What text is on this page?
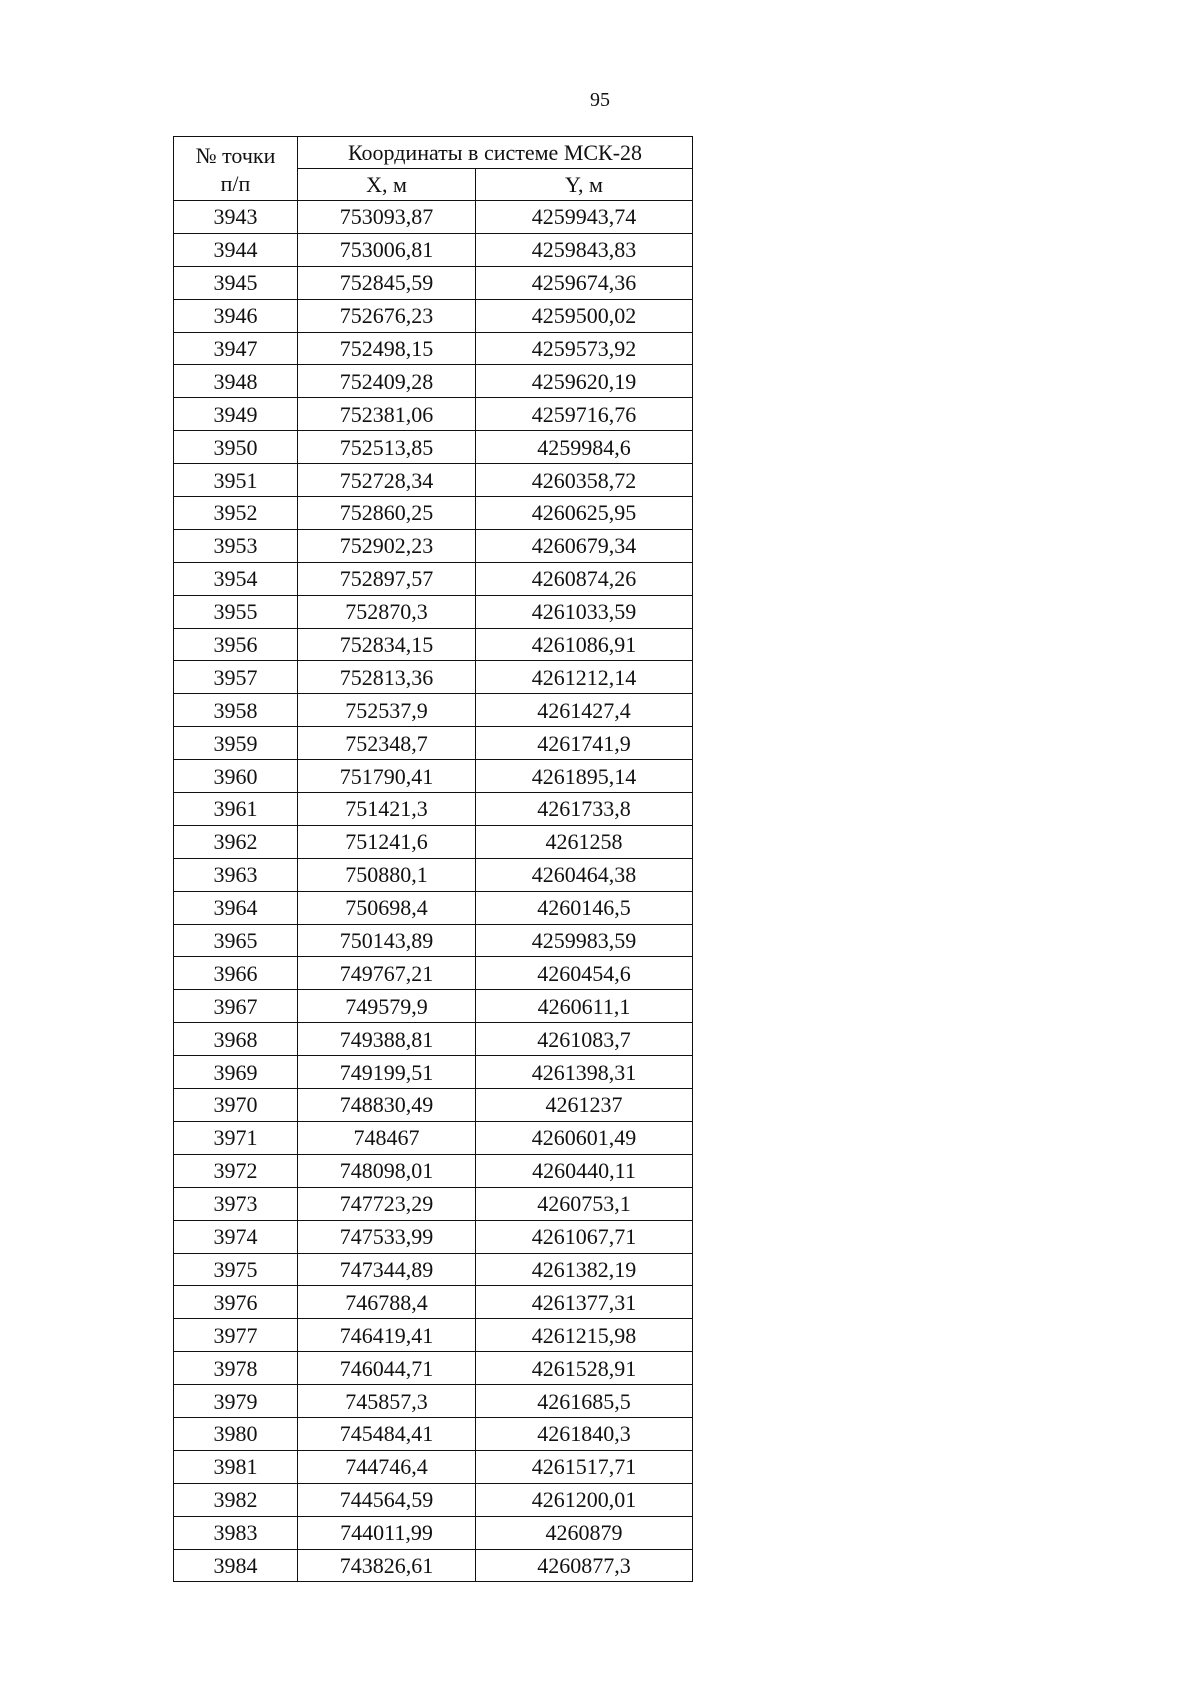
95
№ точки
п/п	Координаты в системе МСК-28	
	X, м	Y, м
3943	753093,87	4259943,74
3944	753006,81	4259843,83
3945	752845,59	4259674,36
3946	752676,23	4259500,02
3947	752498,15	4259573,92
3948	752409,28	4259620,19
3949	752381,06	4259716,76
3950	752513,85	4259984,6
3951	752728,34	4260358,72
3952	752860,25	4260625,95
3953	752902,23	4260679,34
3954	752897,57	4260874,26
3955	752870,3	4261033,59
3956	752834,15	4261086,91
3957	752813,36	4261212,14
3958	752537,9	4261427,4
3959	752348,7	4261741,9
3960	751790,41	4261895,14
3961	751421,3	4261733,8
3962	751241,6	4261258
3963	750880,1	4260464,38
3964	750698,4	4260146,5
3965	750143,89	4259983,59
3966	749767,21	4260454,6
3967	749579,9	4260611,1
3968	749388,81	4261083,7
3969	749199,51	4261398,31
3970	748830,49	4261237
3971	748467	4260601,49
3972	748098,01	4260440,11
3973	747723,29	4260753,1
3974	747533,99	4261067,71
3975	747344,89	4261382,19
3976	746788,4	4261377,31
3977	746419,41	4261215,98
3978	746044,71	4261528,91
3979	745857,3	4261685,5
3980	745484,41	4261840,3
3981	744746,4	4261517,71
3982	744564,59	4261200,01
3983	744011,99	4260879
3984	743826,61	4260877,3
